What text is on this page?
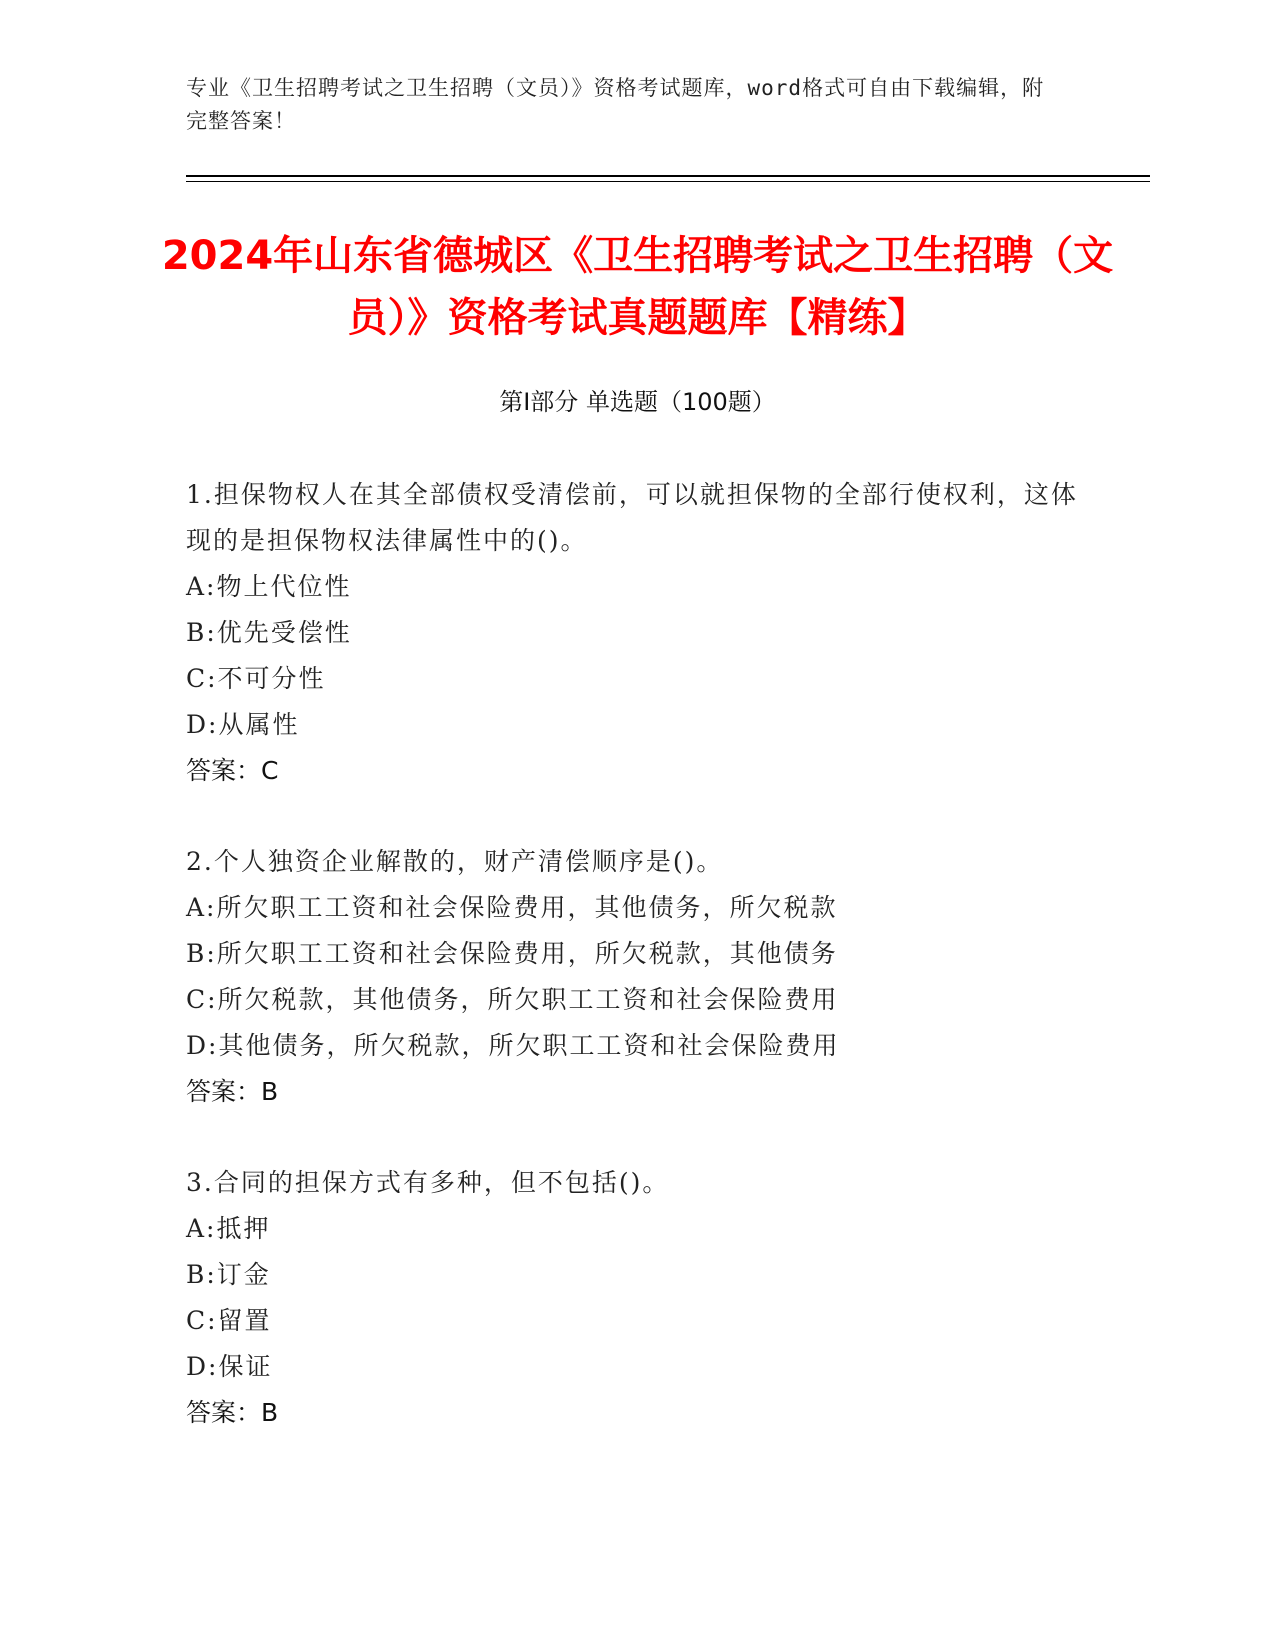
专业《卫生招聘考试之卫生招聘（文员）》资格考试题库，word格式可自由下载编辑，附完整答案！
2024年山东省德城区《卫生招聘考试之卫生招聘（文员）》资格考试真题题库【精练】
第Ⅰ部分 单选题（100题）
1.担保物权人在其全部债权受清偿前，可以就担保物的全部行使权利，这体现的是担保物权法律属性中的()。
A:物上代位性
B:优先受偿性
C:不可分性
D:从属性
答案：C
2.个人独资企业解散的，财产清偿顺序是()。
A:所欠职工工资和社会保险费用，其他债务，所欠税款
B:所欠职工工资和社会保险费用，所欠税款，其他债务
C:所欠税款，其他债务，所欠职工工资和社会保险费用
D:其他债务，所欠税款，所欠职工工资和社会保险费用
答案：B
3.合同的担保方式有多种，但不包括()。
A:抵押
B:订金
C:留置
D:保证
答案：B
